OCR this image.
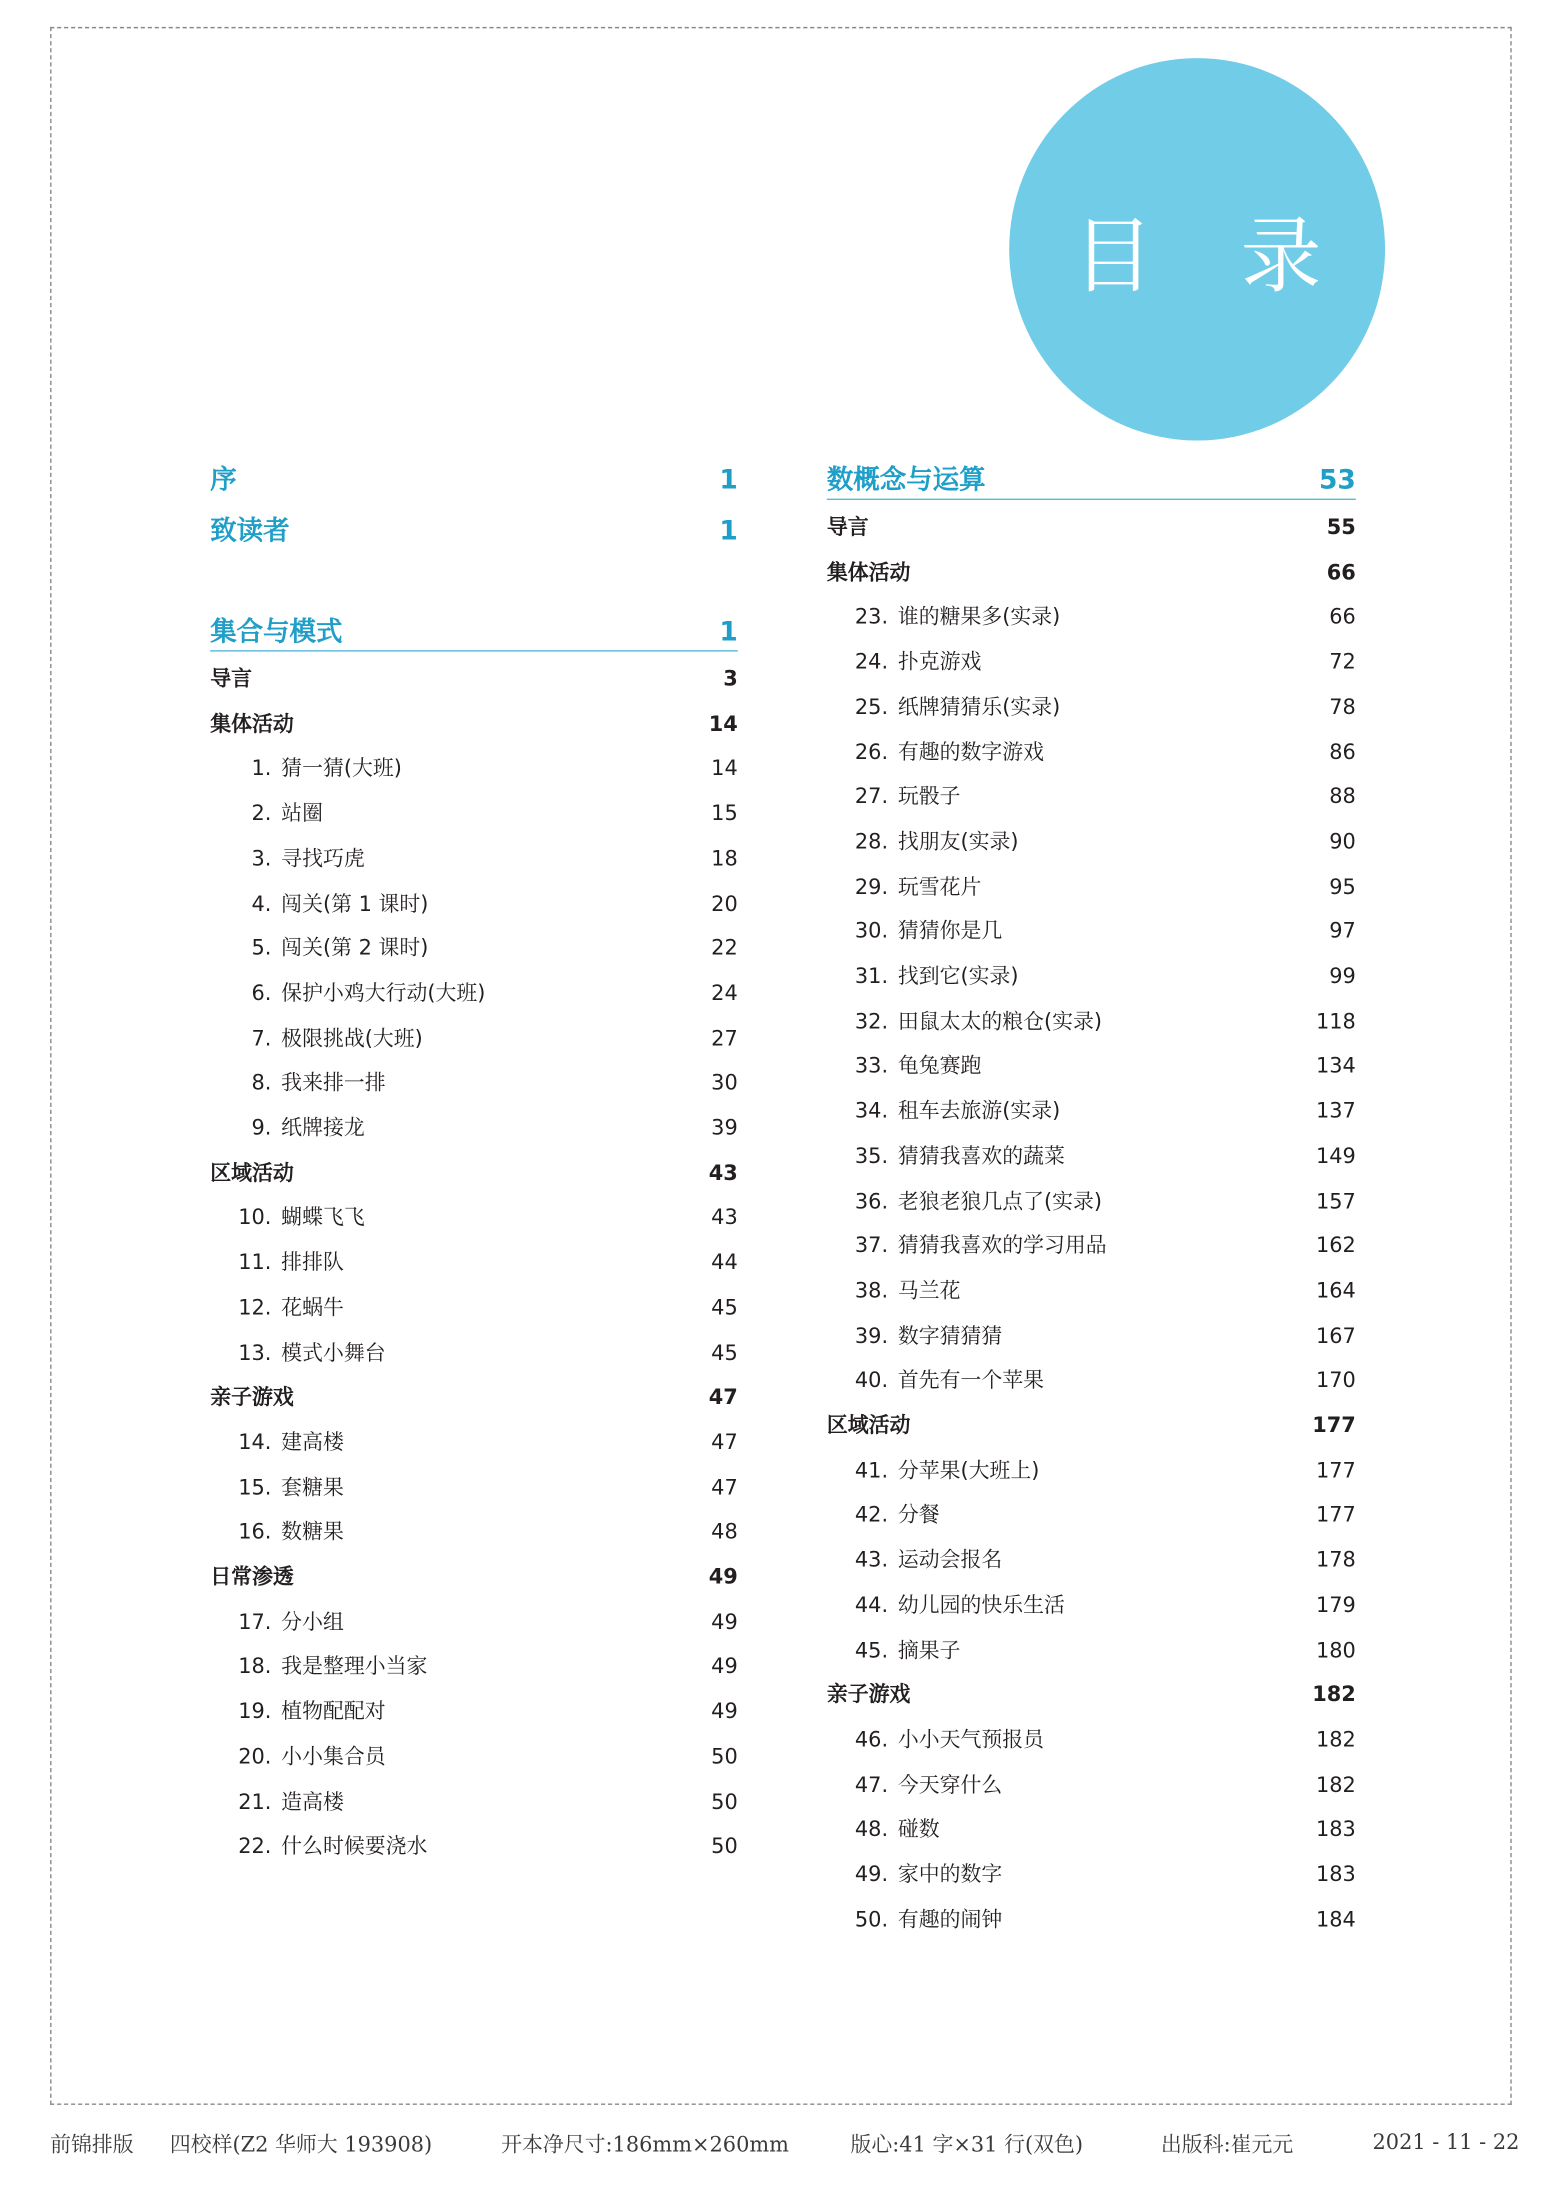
目 录
序	1
致读者	1
集合与模式	1
导言	3
集体活动	14
1. 猜一猜(大班)	14
2. 站圈	15
3. 寻找巧虎	18
4. 闯关(第 1 课时)	20
5. 闯关(第 2 课时)	22
6. 保护小鸡大行动(大班)	24
7. 极限挑战(大班)	27
8. 我来排一排	30
9. 纸牌接龙	39
区域活动	43
10. 蝴蝶飞飞	43
11. 排排队	44
12. 花蜗牛	45
13. 模式小舞台	45
亲子游戏	47
14. 建高楼	47
15. 套糖果	47
16. 数糖果	48
日常渗透	49
17. 分小组	49
18. 我是整理小当家	49
19. 植物配配对	49
20. 小小集合员	50
21. 造高楼	50
22. 什么时候要浇水	50
数概念与运算	53
导言	55
集体活动	66
23. 谁的糖果多(实录)	66
24. 扑克游戏	72
25. 纸牌猜猜乐(实录)	78
26. 有趣的数字游戏	86
27. 玩骰子	88
28. 找朋友(实录)	90
29. 玩雪花片	95
30. 猜猜你是几	97
31. 找到它(实录)	99
32. 田鼠太太的粮仓(实录)	118
33. 龟兔赛跑	134
34. 租车去旅游(实录)	137
35. 猜猜我喜欢的蔬菜	149
36. 老狼老狼几点了(实录)	157
37. 猜猜我喜欢的学习用品	162
38. 马兰花	164
39. 数字猜猜猜	167
40. 首先有一个苹果	170
区域活动	177
41. 分苹果(大班上)	177
42. 分餐	177
43. 运动会报名	178
44. 幼儿园的快乐生活	179
45. 摘果子	180
亲子游戏	182
46. 小小天气预报员	182
47. 今天穿什么	182
48. 碰数	183
49. 家中的数字	183
50. 有趣的闹钟	184
前锦排版 四校样(Z2 华师大 193908)	开本净尺寸:186mm×260mm	版心:41 字×31 行(双色)	出版科:崔元元	2021 - 11 - 22
